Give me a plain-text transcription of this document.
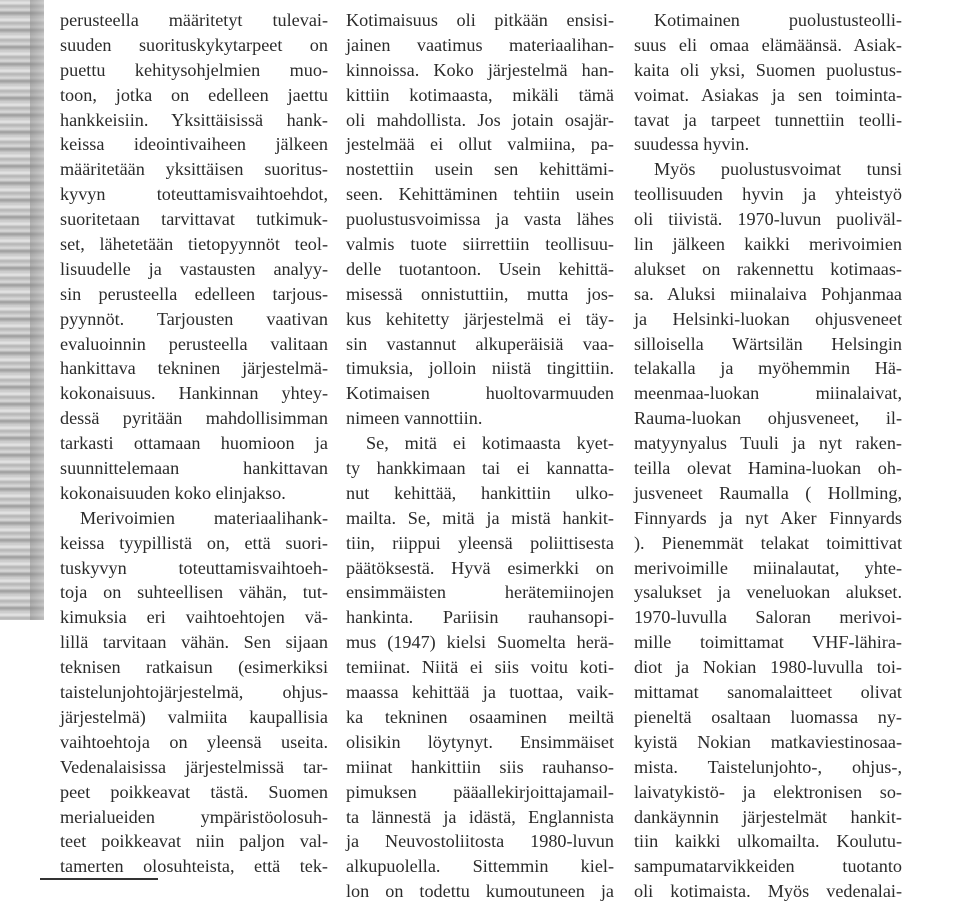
perusteella määritetyt tulevai-
suuden suorituskykytarpeet on
puettu kehitysohjelmien muo-
toon, jotka on edelleen jaettu
hankkeisiin. Yksittäisissä hank-
keissa ideointivaiheen jälkeen
määritetään yksittäisen suoritus-
kyvyn toteuttamisvaihtoehdot,
suoritetaan tarvittavat tutkimuk-
set, lähetetään tietopyynnöt teol-
lisuudelle ja vastausten analyy-
sin perusteella edelleen tarjous-
pyynnöt. Tarjousten vaativan
evaluoinnin perusteella valitaan
hankittava tekninen järjestelmä-
kokonaisuus. Hankinnan yhtey-
dessä pyritään mahdollisimman
tarkasti ottamaan huomioon ja
suunnittelemaan hankittavan
kokonaisuuden koko elinjakso.
Merivoimien materiaalihank-
keissa tyypillistä on, että suori-
tuskyvyn toteuttamisvaihtoeh-
toja on suhteellisen vähän, tut-
kimuksia eri vaihtoehtojen vä-
lillä tarvitaan vähän. Sen sijaan
teknisen ratkaisun (esimerkiksi
taistelunjohtojärjestelmä, ohjus-
järjestelmä) valmiita kaupallisia
vaihtoehtoja on yleensä useita.
Vedenalaisissa järjestelmissä tar-
peet poikkeavat tästä. Suomen
merialueiden ympäristöolosuh-
teet poikkeavat niin paljon val-
tamerten olosuhteista, että tek-
Kotimaisuus oli pitkään ensisi-
jainen vaatimus materiaalihan-
kinnoissa. Koko järjestelmä han-
kittiin kotimaasta, mikäli tämä
oli mahdollista. Jos jotain osajär-
jestelmää ei ollut valmiina, pa-
nostettiin usein sen kehittämi-
seen. Kehittäminen tehtiin usein
puolustusvoimissa ja vasta lähes
valmis tuote siirrettiin teollisuu-
delle tuotantoon. Usein kehittä-
misessä onnistuttiin, mutta jos-
kus kehitetty järjestelmä ei täy-
sin vastannut alkuperäisiä vaa-
timuksia, jolloin niistä tingittiin.
Kotimaisen huoltovarmuuden
nimeen vannottiin.
Se, mitä ei kotimaasta kyet-
ty hankkimaan tai ei kannatta-
nut kehittää, hankittiin ulko-
mailta. Se, mitä ja mistä hankit-
tiin, riippui yleensä poliittisesta
päätöksestä. Hyvä esimerkki on
ensimmäisten herätemiinojen
hankinta. Pariisin rauhansopi-
mus (1947) kielsi Suomelta herä-
temiinat. Niitä ei siis voitu koti-
maassa kehittää ja tuottaa, vaik-
ka tekninen osaaminen meiltä
olisikin löytynyt. Ensimmäiset
miinat hankittiin siis rauhanso-
pimuksen pääallekirjoittajamail-
ta lännestä ja idästä, Englannista
ja Neuvostoliitosta 1980-luvun
alkupuolella. Sittemmin kiel-
lon on todettu kumoutuneen ja
Kotimainen puolustusteolli-
suus eli omaa elämäänsä. Asiak-
kaita oli yksi, Suomen puolustus-
voimat. Asiakas ja sen toiminta-
tavat ja tarpeet tunnettiin teolli-
suudessa hyvin.
Myös puolustusvoimat tunsi
teollisuuden hyvin ja yhteistyö
oli tiivistä. 1970-luvun puoliväl-
lin jälkeen kaikki merivoimien
alukset on rakennettu kotimaas-
sa. Aluksi miinalaiva Pohjanmaa
ja Helsinki-luokan ohjusveneet
silloisella Wärtsilän Helsingin
telakalla ja myöhemmin Hä-
meenmaa-luokan miinalaivat,
Rauma-luokan ohjusveneet, il-
matyynyalus Tuuli ja nyt raken-
teilla olevat Hamina-luokan oh-
jusveneet Raumalla ( Hollming,
Finnyards ja nyt Aker Finnyards
). Pienemmät telakat toimittivat
merivoimille miinalautat, yhte-
ysalukset ja veneluokan alukset.
1970-luvulla Saloran merivoi-
mille toimittamat VHF-lähira-
diot ja Nokian 1980-luvulla toi-
mittamat sanomalaitteet olivat
pieneltä osaltaan luomassa ny-
kyistä Nokian matkaviestinosaa-
mista. Taistelunjohto-, ohjus-,
laivatykistö- ja elektronisen so-
dankäynnin järjestelmät hankit-
tiin kaikki ulkomailta. Koulutu-
sampumatarvikkeiden tuotanto
oli kotimaista. Myös vedenalai-
